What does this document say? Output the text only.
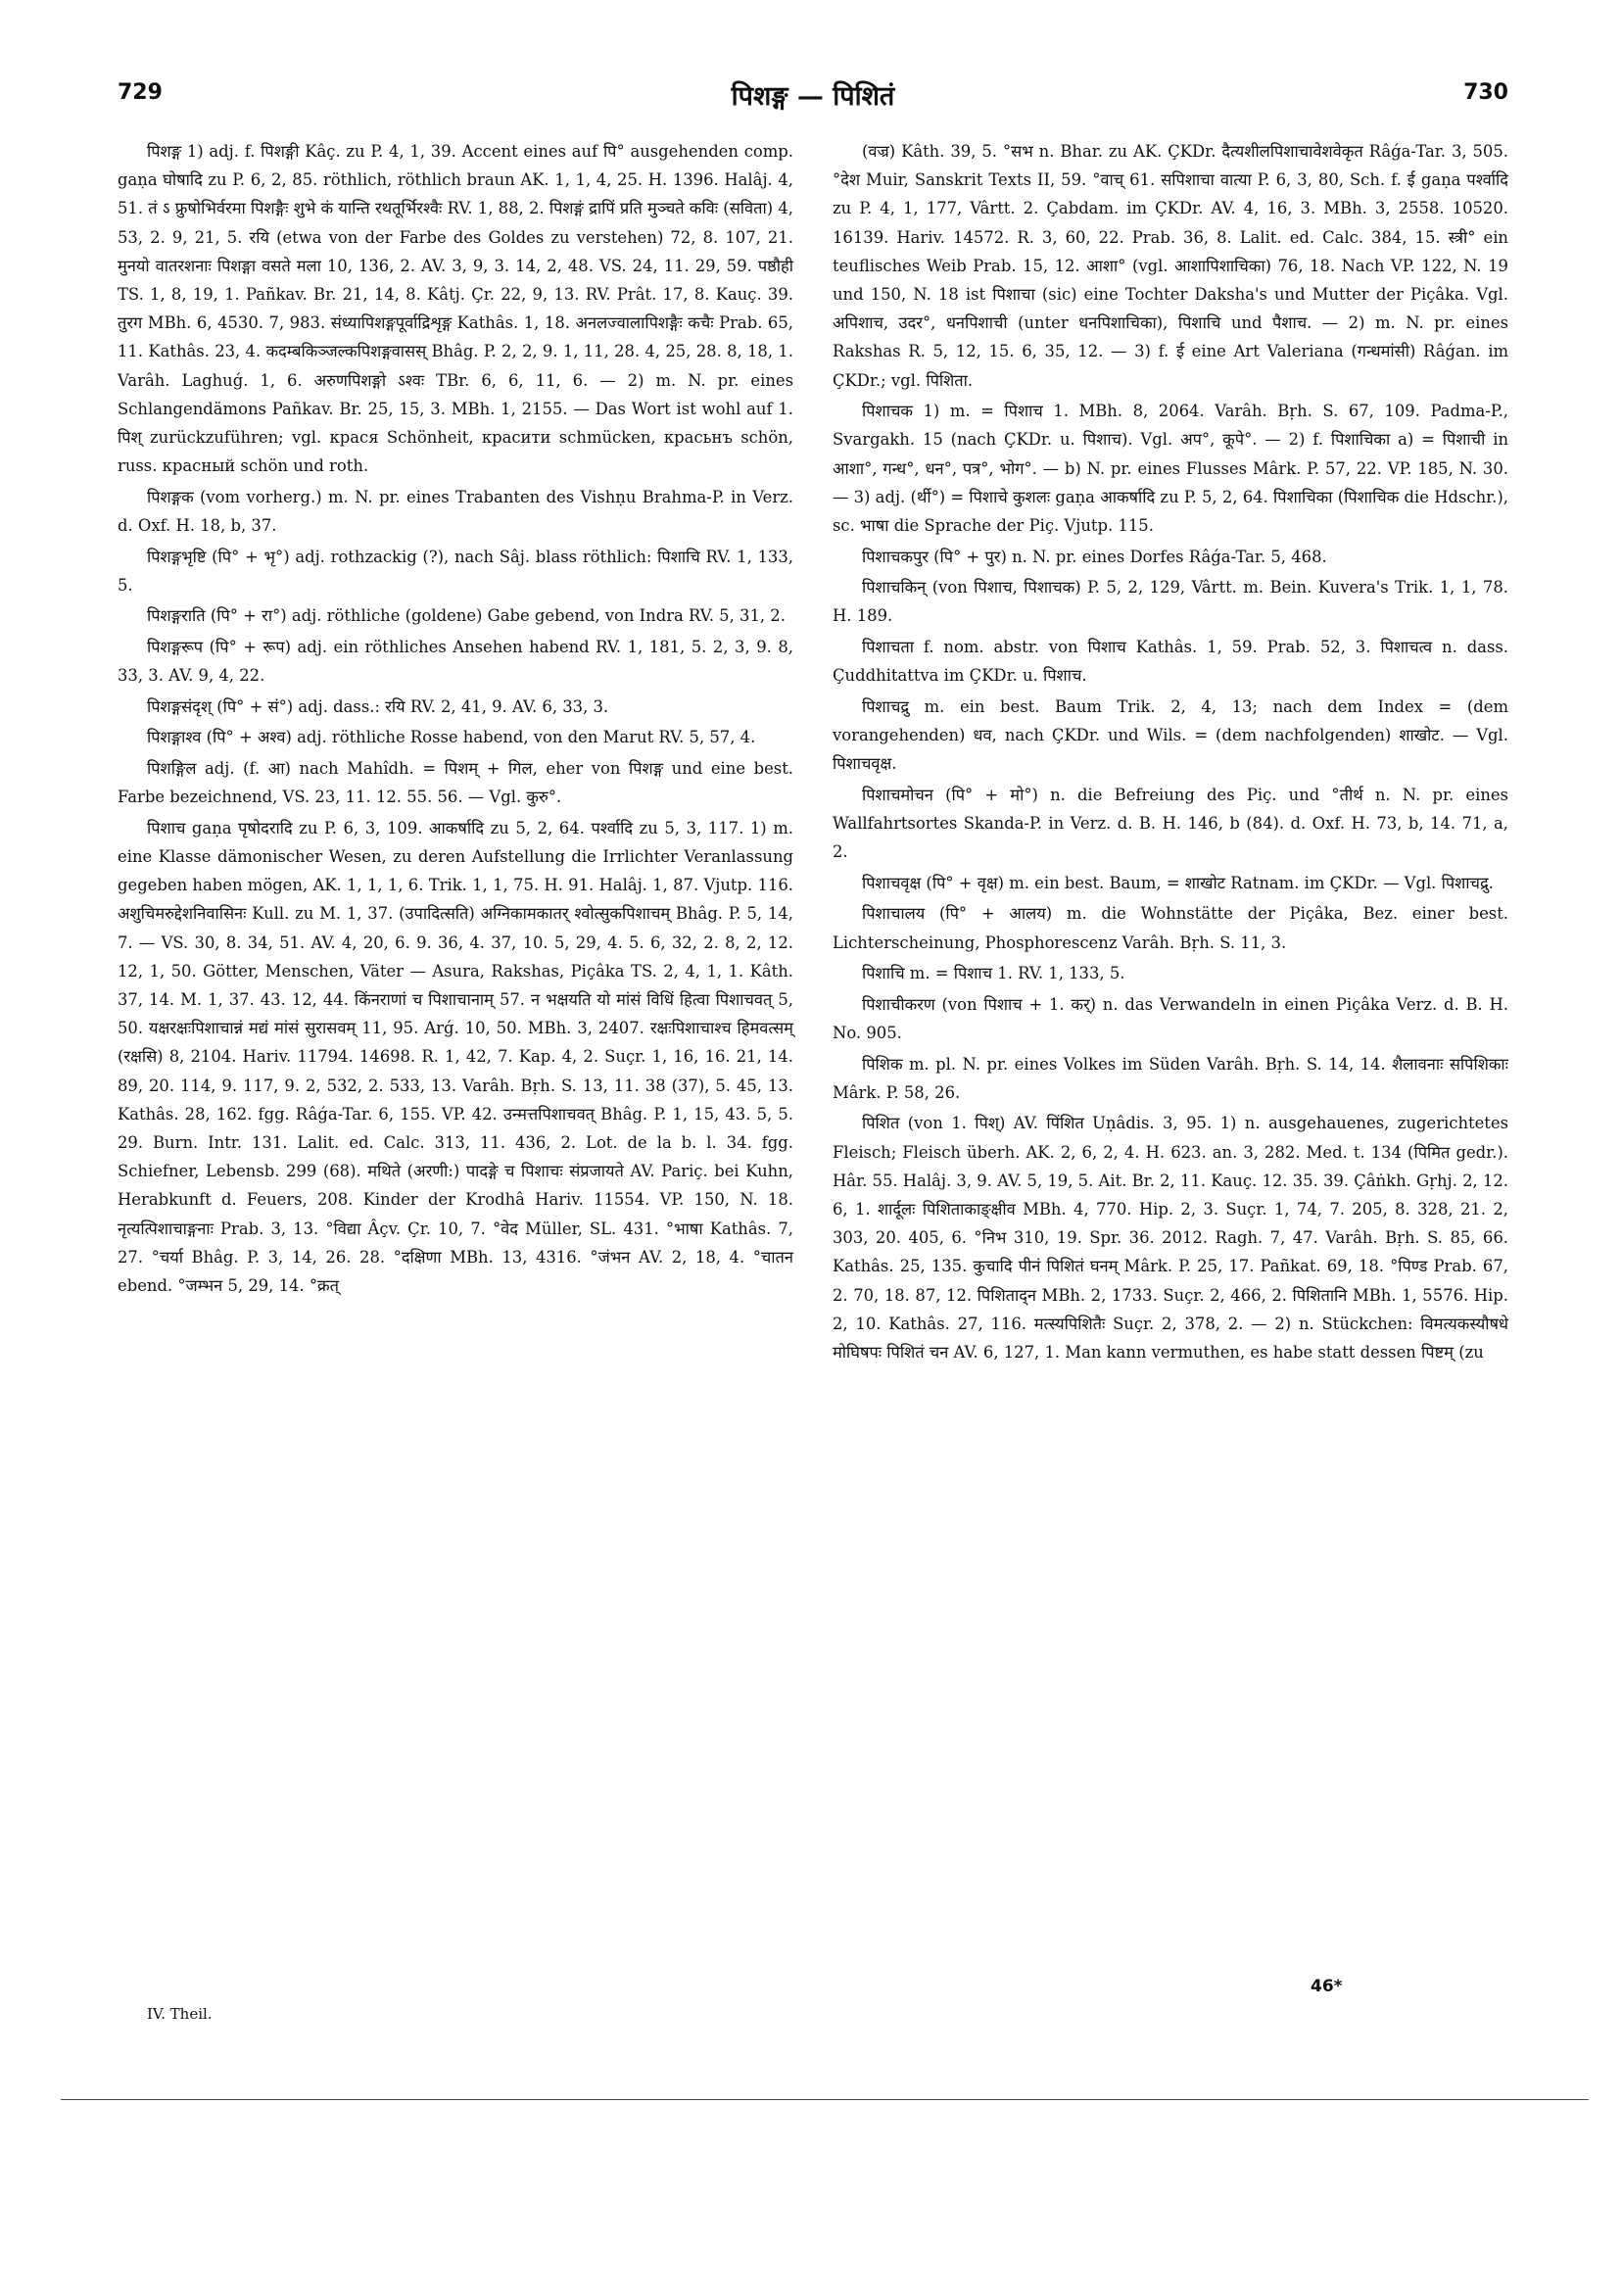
729	पिशङ्ग — पिशितं	730

पिशङ्ग 1) adj. f. पिशङ्गी Kâç. zu P. 4, 1, 39. Accent eines auf पि° ausgehenden comp. gaṇa घोषादि zu P. 6, 2, 85. röthlich, röthlich braun AK. 1, 1, 4, 25. H. 1396. Halâj. 4, 51. तं ऽ फ्रुषोभिर्वरमा पिशङ्गैः शुभे कं यान्ति रथतूर्भिरश्वैः RV. 1, 88, 2. पिशङ्गं द्रापिं प्रति मुञ्चते कविः (सविता) 4, 53, 2. 9, 21, 5. रयि (etwa von der Farbe des Goldes zu verstehen) 72, 8. 107, 21. मुनयो वातरशनाः पिशङ्गा वसते मला 10, 136, 2. AV. 3, 9, 3. 14, 2, 48. VS. 24, 11. 29, 59. पष्ठौही TS. 1, 8, 19, 1. Pañkav. Br. 21, 14, 8. Kâtj. Çr. 22, 9, 13. RV. Prât. 17, 8. Kauç. 39. तुरग MBh. 6, 4530. 7, 983. संध्यापिशङ्गपूर्वाद्रिशृङ्ग Kathâs. 1, 18. अनलज्वालापिशङ्गैः कचैः Prab. 65, 11. Kathâs. 23, 4. कदम्बकिञ्जल्कपिशङ्गवासस् Bhâg. P. 2, 2, 9. 1, 11, 28. 4, 25, 28. 8, 18, 1. Varâh. Laghuǵ. 1, 6. अरुणपिशङ्गो ऽश्वः TBr. 6, 6, 11, 6. — 2) m. N. pr. eines Schlangendämons Pañkav. Br. 25, 15, 3. MBh. 1, 2155. — Das Wort ist wohl auf 1. पिश् zurückzuführen; vgl. крася Schönheit, красити schmücken, красьнъ schön, russ. красный schön und roth.

पिशङ्गक (vom vorherg.) m. N. pr. eines Trabanten des Vishṇu Brahma-P. in Verz. d. Oxf. H. 18, b, 37.

पिशङ्गभृष्टि (पि° + भृ°) adj. rothzackig (?), nach Sâj. blass röthlich: पिशाचि RV. 1, 133, 5.

पिशङ्गराति (पि° + रा°) adj. röthliche (goldene) Gabe gebend, von Indra RV. 5, 31, 2.

पिशङ्गरूप (पि° + रूप) adj. ein röthliches Ansehen habend RV. 1, 181, 5. 2, 3, 9. 8, 33, 3. AV. 9, 4, 22.

पिशङ्गसंदृश् (पि° + सं°) adj. dass.: रयि RV. 2, 41, 9. AV. 6, 33, 3.

पिशङ्गाश्व (पि° + अश्व) adj. röthliche Rosse habend, von den Marut RV. 5, 57, 4.

पिशङ्गिल adj. (f. आ) nach Mahîdh. = पिशम् + गिल, eher von पिशङ्ग und eine best. Farbe bezeichnend, VS. 23, 11. 12. 55. 56. — Vgl. कुरु°.

पिशाच gaṇa पृषोदरादि zu P. 6, 3, 109. आकर्षादि zu 5, 2, 64. पर्श्वादि zu 5, 3, 117. 1) m. eine Klasse dämonischer Wesen, zu deren Aufstellung die Irrlichter Veranlassung gegeben haben mögen, AK. 1, 1, 1, 6. Trik. 1, 1, 75. H. 91. Halâj. 1, 87. Vjutp. 116. अशुचिमरुद्देशनिवासिनः Kull. zu M. 1, 37. (उपादित्सति) अग्निकामकातर् श्वोत्सुकपिशाचम् Bhâg. P. 5, 14, 7. — VS. 30, 8. 34, 51. AV. 4, 20, 6. 9. 36, 4. 37, 10. 5, 29, 4. 5. 6, 32, 2. 8, 2, 12. 12, 1, 50. Götter, Menschen, Väter — Asura, Rakshas, Piçâka TS. 2, 4, 1, 1. Kâth. 37, 14. M. 1, 37. 43. 12, 44. किंनराणां च पिशाचानाम् 57. न भक्षयति यो मांसं विधिं हित्वा पिशाचवत् 5, 50. यक्षरक्षःपिशाचान्नं मद्यं मांसं सुरासवम् 11, 95. Arǵ. 10, 50. MBh. 3, 2407. रक्षःपिशाचाश्च हिमवत्सम् (रक्षसि) 8, 2104. Hariv. 11794. 14698. R. 1, 42, 7. Kap. 4, 2. Suçr. 1, 16, 16. 21, 14. 89, 20. 114, 9. 117, 9. 2, 532, 2. 533, 13. Varâh. Bṛh. S. 13, 11. 38 (37), 5. 45, 13. Kathâs. 28, 162. fgg. Râǵa-Tar. 6, 155. VP. 42. उन्मत्तपिशाचवत् Bhâg. P. 1, 15, 43. 5, 5. 29. Burn. Intr. 131. Lalit. ed. Calc. 313, 11. 436, 2. Lot. de la b. l. 34. fgg. Schiefner, Lebensb. 299 (68). मथिते (अरणी:) पादङ्गे च पिशाचः संप्रजायते AV. Pariç. bei Kuhn, Herabkunft d. Feuers, 208. Kinder der Krodhâ Hariv. 11554. VP. 150, N. 18. नृत्यत्पिशाचाङ्गनाः Prab. 3, 13. °विद्या Âçv. Çr. 10, 7. °वेद Müller, SL. 431. °भाषा Kathâs. 7, 27. °चर्या Bhâg. P. 3, 14, 26. 28. °दक्षिणा MBh. 13, 4316. °जंभन AV. 2, 18, 4. °चातन ebend. °जम्भन 5, 29, 14. °क्रत्

IV. Theil.

(वज्र) Kâth. 39, 5. °सभ n. Bhar. zu AK. ÇKDr. दैत्यशीलपिशाचावेशवेकृत Râǵa-Tar. 3, 505. °देश Muir, Sanskrit Texts II, 59. °वाच् 61. सपिशाचा वात्या P. 6, 3, 80, Sch. f. ई gaṇa पर्श्वादि zu P. 4, 1, 177, Vârtt. 2. Çabdam. im ÇKDr. AV. 4, 16, 3. MBh. 3, 2558. 10520. 16139. Hariv. 14572. R. 3, 60, 22. Prab. 36, 8. Lalit. ed. Calc. 384, 15. स्त्री° ein teuflisches Weib Prab. 15, 12. आशा° (vgl. आशापिशाचिका) 76, 18. Nach VP. 122, N. 19 und 150, N. 18 ist पिशाचा (sic) eine Tochter Daksha's und Mutter der Piçâka. Vgl. अपिशाच, उदर°, धनपिशाची (unter धनपिशाचिका), पिशाचि und पैशाच. — 2) m. N. pr. eines Rakshas R. 5, 12, 15. 6, 35, 12. — 3) f. ई eine Art Valeriana (गन्धमांसी) Râǵan. im ÇKDr.; vgl. पिशिता.

पिशाचक 1) m. = पिशाच 1. MBh. 8, 2064. Varâh. Bṛh. S. 67, 109. Padma-P., Svargakh. 15 (nach ÇKDr. u. पिशाच). Vgl. अप°, कूपे°. — 2) f. पिशाचिका a) = पिशाची in आशा°, गन्ध°, धन°, पत्र°, भोग°. — b) N. pr. eines Flusses Mârk. P. 57, 22. VP. 185, N. 30. — 3) adj. (र्थी°) = पिशाचे कुशलः gaṇa आकर्षादि zu P. 5, 2, 64. पिशाचिका (पिशाचिक die Hdschr.), sc. भाषा die Sprache der Piç. Vjutp. 115.

पिशाचकपुर (पि° + पुर) n. N. pr. eines Dorfes Râǵa-Tar. 5, 468.

पिशाचकिन् (von पिशाच, पिशाचक) P. 5, 2, 129, Vârtt. m. Bein. Kuvera's Trik. 1, 1, 78. H. 189.

पिशाचता f. nom. abstr. von पिशाच Kathâs. 1, 59. Prab. 52, 3. पिशाचत्व n. dass. Çuddhitattva im ÇKDr. u. पिशाच.

पिशाचद्रु m. ein best. Baum Trik. 2, 4, 13; nach dem Index = (dem vorangehenden) धव, nach ÇKDr. und Wils. = (dem nachfolgenden) शाखोट. — Vgl. पिशाचवृक्ष.

पिशाचमोचन (पि° + मो°) n. die Befreiung des Piç. und °तीर्थ n. N. pr. eines Wallfahrtsortes Skanda-P. in Verz. d. B. H. 146, b (84). d. Oxf. H. 73, b, 14. 71, a, 2.

पिशाचवृक्ष (पि° + वृक्ष) m. ein best. Baum, = शाखोट Ratnam. im ÇKDr. — Vgl. पिशाचद्रु.

पिशाचालय (पि° + आलय) m. die Wohnstätte der Piçâka, Bez. einer best. Lichterscheinung, Phosphorescenz Varâh. Bṛh. S. 11, 3.

पिशाचि m. = पिशाच 1. RV. 1, 133, 5.

पिशाचीकरण (von पिशाच + 1. कर्) n. das Verwandeln in einen Piçâka Verz. d. B. H. No. 905.

पिशिक m. pl. N. pr. eines Volkes im Süden Varâh. Bṛh. S. 14, 14. शैलावनाः सपिशिकाः Mârk. P. 58, 26.

पिशित (von 1. पिश्) AV. पिंशित Uṇâdis. 3, 95. 1) n. ausgehauenes, zugerichtetes Fleisch; Fleisch überh. AK. 2, 6, 2, 4. H. 623. an. 3, 282. Med. t. 134 (पिमित gedr.). Hâr. 55. Halâj. 3, 9. AV. 5, 19, 5. Ait. Br. 2, 11. Kauç. 12. 35. 39. Çâṅkh. Gṛhj. 2, 12. 6, 1. शार्दूलः पिशिताकाङ्क्षीव MBh. 4, 770. Hip. 2, 3. Suçr. 1, 74, 7. 205, 8. 328, 21. 2, 303, 20. 405, 6. °निभ 310, 19. Spr. 36. 2012. Ragh. 7, 47. Varâh. Bṛh. S. 85, 66. Kathâs. 25, 135. कुचादि पीनं पिशितं घनम् Mârk. P. 25, 17. Pañkat. 69, 18. °पिण्ड Prab. 67, 2. 70, 18. 87, 12. पिशिताद्न MBh. 2, 1733. Suçr. 2, 466, 2. पिशितानि MBh. 1, 5576. Hip. 2, 10. Kathâs. 27, 116. मत्स्यपिशितैः Suçr. 2, 378, 2. — 2) n. Stückchen: विमत्यकस्यौषधे मोघिषपः पिशितं चन AV. 6, 127, 1. Man kann vermuthen, es habe statt dessen पिष्टम् (zu

46*
